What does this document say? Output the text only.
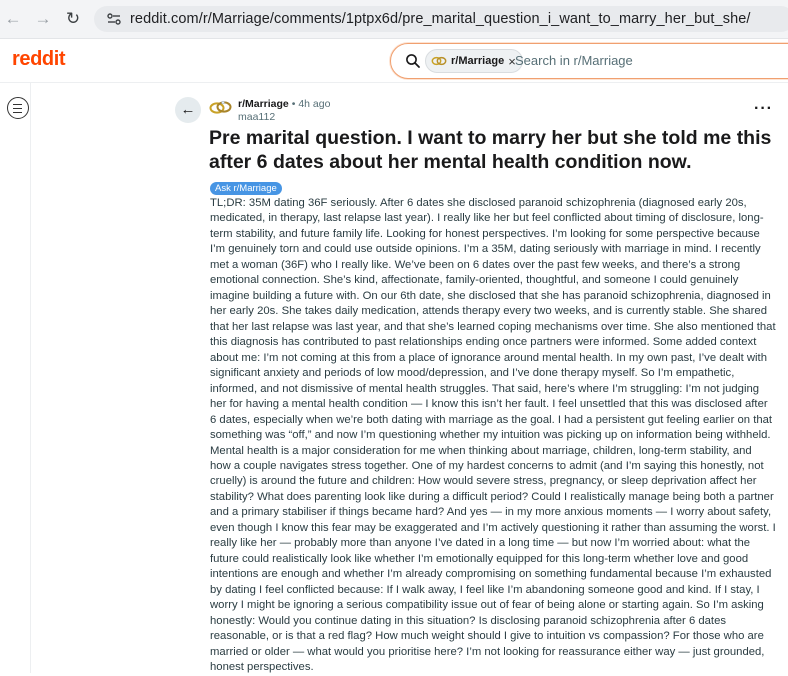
← → ↻	reddit.com/r/Marriage/comments/1ptpx6d/pre_marital_question_i_want_to_marry_her_but_she/
reddit	r/Marriage × Search in r/Marriage
←	r/Marriage • 4h ago
maa112	···
Pre marital question. I want to marry her but she told me this after 6 dates about her mental health condition now.
Ask r/Marriage

TL;DR: 35M dating 36F seriously. After 6 dates she disclosed paranoid schizophrenia (diagnosed early 20s,
medicated, in therapy, last relapse last year). I really like her but feel conflicted about timing of disclosure, long-
term stability, and future family life. Looking for honest perspectives. I’m looking for some perspective because
I’m genuinely torn and could use outside opinions. I’m a 35M, dating seriously with marriage in mind. I recently
met a woman (36F) who I really like. We’ve been on 6 dates over the past few weeks, and there’s a strong
emotional connection. She’s kind, affectionate, family-oriented, thoughtful, and someone I could genuinely
imagine building a future with. On our 6th date, she disclosed that she has paranoid schizophrenia, diagnosed in
her early 20s. She takes daily medication, attends therapy every two weeks, and is currently stable. She shared
that her last relapse was last year, and that she’s learned coping mechanisms over time. She also mentioned that
this diagnosis has contributed to past relationships ending once partners were informed. Some added context
about me: I’m not coming at this from a place of ignorance around mental health. In my own past, I’ve dealt with
significant anxiety and periods of low mood/depression, and I’ve done therapy myself. So I’m empathetic,
informed, and not dismissive of mental health struggles. That said, here’s where I’m struggling: I’m not judging
her for having a mental health condition — I know this isn’t her fault. I feel unsettled that this was disclosed after
6 dates, especially when we’re both dating with marriage as the goal. I had a persistent gut feeling earlier on that
something was “off,” and now I’m questioning whether my intuition was picking up on information being withheld.
Mental health is a major consideration for me when thinking about marriage, children, long-term stability, and
how a couple navigates stress together. One of my hardest concerns to admit (and I’m saying this honestly, not
cruelly) is around the future and children: How would severe stress, pregnancy, or sleep deprivation affect her
stability? What does parenting look like during a difficult period? Could I realistically manage being both a partner
and a primary stabiliser if things became hard? And yes — in my more anxious moments — I worry about safety,
even though I know this fear may be exaggerated and I’m actively questioning it rather than assuming the worst. I
really like her — probably more than anyone I’ve dated in a long time — but now I’m worried about: what the
future could realistically look like whether I’m emotionally equipped for this long-term whether love and good
intentions are enough and whether I’m already compromising on something fundamental because I’m exhausted
by dating I feel conflicted because: If I walk away, I feel like I’m abandoning someone good and kind. If I stay, I
worry I might be ignoring a serious compatibility issue out of fear of being alone or starting again. So I’m asking
honestly: Would you continue dating in this situation? Is disclosing paranoid schizophrenia after 6 dates
reasonable, or is that a red flag? How much weight should I give to intuition vs compassion? For those who are
married or older — what would you prioritise here? I’m not looking for reassurance either way — just grounded,
honest perspectives.
